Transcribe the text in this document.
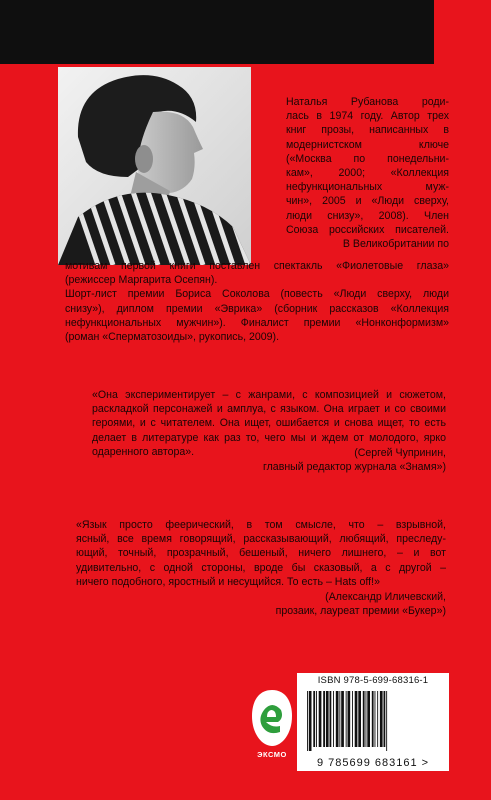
Наталья Рубанова роди-
лась в 1974 году. Автор трех
книг прозы, написанных в
модернистском ключе
(«Москва по понедельни-
кам», 2000; «Коллекция
нефункциональных муж-
чин», 2005 и «Люди сверху,
люди снизу», 2008). Член
Союза российских писателей.
В Великобритании по
мотивам первой книги поставлен спектакль «Фиолетовые глаза»
(режиссер Маргарита Осепян).
Шорт-лист премии Бориса Соколова (повесть «Люди сверху, люди
снизу»), диплом премии «Эврика» (сборник рассказов «Коллекция
нефункциональных мужчин»). Финалист премии «Нонконформизм»
(роман «Сперматозоиды», рукопись, 2009).
«Она экспериментирует – с жанрами, с композицией и сюжетом,
раскладкой персонажей и амплуа, с языком. Она играет и со своими
героями, и с читателем. Она ищет, ошибается и снова ищет, то есть
делает в литературе как раз то, чего мы и ждем от молодого, ярко
одаренного автора».	(Сергей Чупринин,
главный редактор журнала «Знамя»)
«Язык просто феерический, в том смысле, что – взрывной,
ясный, все время говорящий, рассказывающий, любящий, преследу-
ющий, точный, прозрачный, бешеный, ничего лишнего, – и вот
удивительно, с одной стороны, вроде бы сказовый, а с другой –
ничего подобного, яростный и несущийся. То есть – Hats off!»
(Александр Иличевский,
прозаик, лауреат премии «Букер»)
ЭКСМО
ISBN 978-5-699-68316-1
9 785699 683161 >
